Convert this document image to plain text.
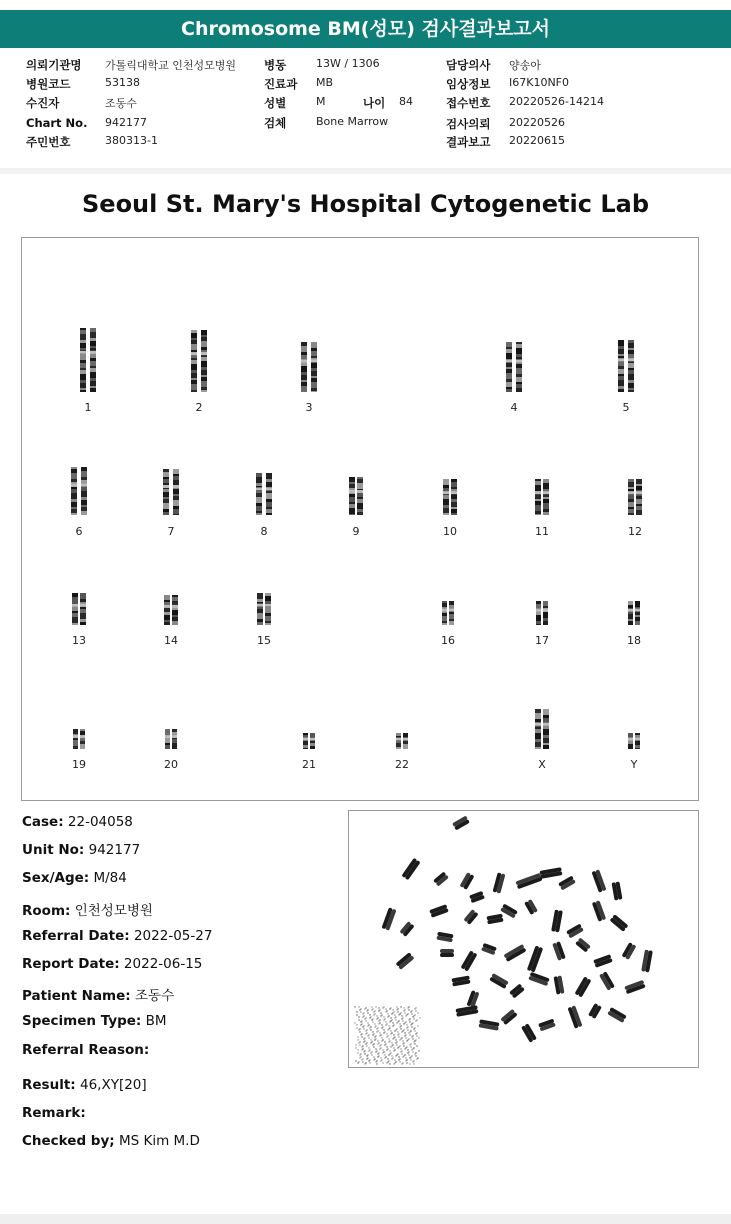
Chromosome BM(성모) 검사결과보고서
의뢰기관명 가톨릭대학교 인천성모병원
병원코드	53138
수진자	조동수
Chart No. 942177
주민번호	380313-1
병동	13W / 1306
진료과 MB
성별	M	나이 84
검체	Bone Marrow
담당의사 양송아
임상정보 I67K10NF0
접수번호 20220526-14214
검사의뢰 20220526
결과보고 20220615
Seoul St. Mary's Hospital Cytogenetic Lab
1	2	3	4	5
6	7	8	9	10	11	12
13	14	15	16	17	18
19	20	21	22	X	Y
Case: 22-04058
Unit No: 942177
Sex/Age: M/84
Room: 인천성모병원
Referral Date: 2022-05-27
Report Date: 2022-06-15
Patient Name: 조동수
Specimen Type: BM
Referral Reason:
Result: 46,XY[20]
Remark:
Checked by; MS Kim M.D
